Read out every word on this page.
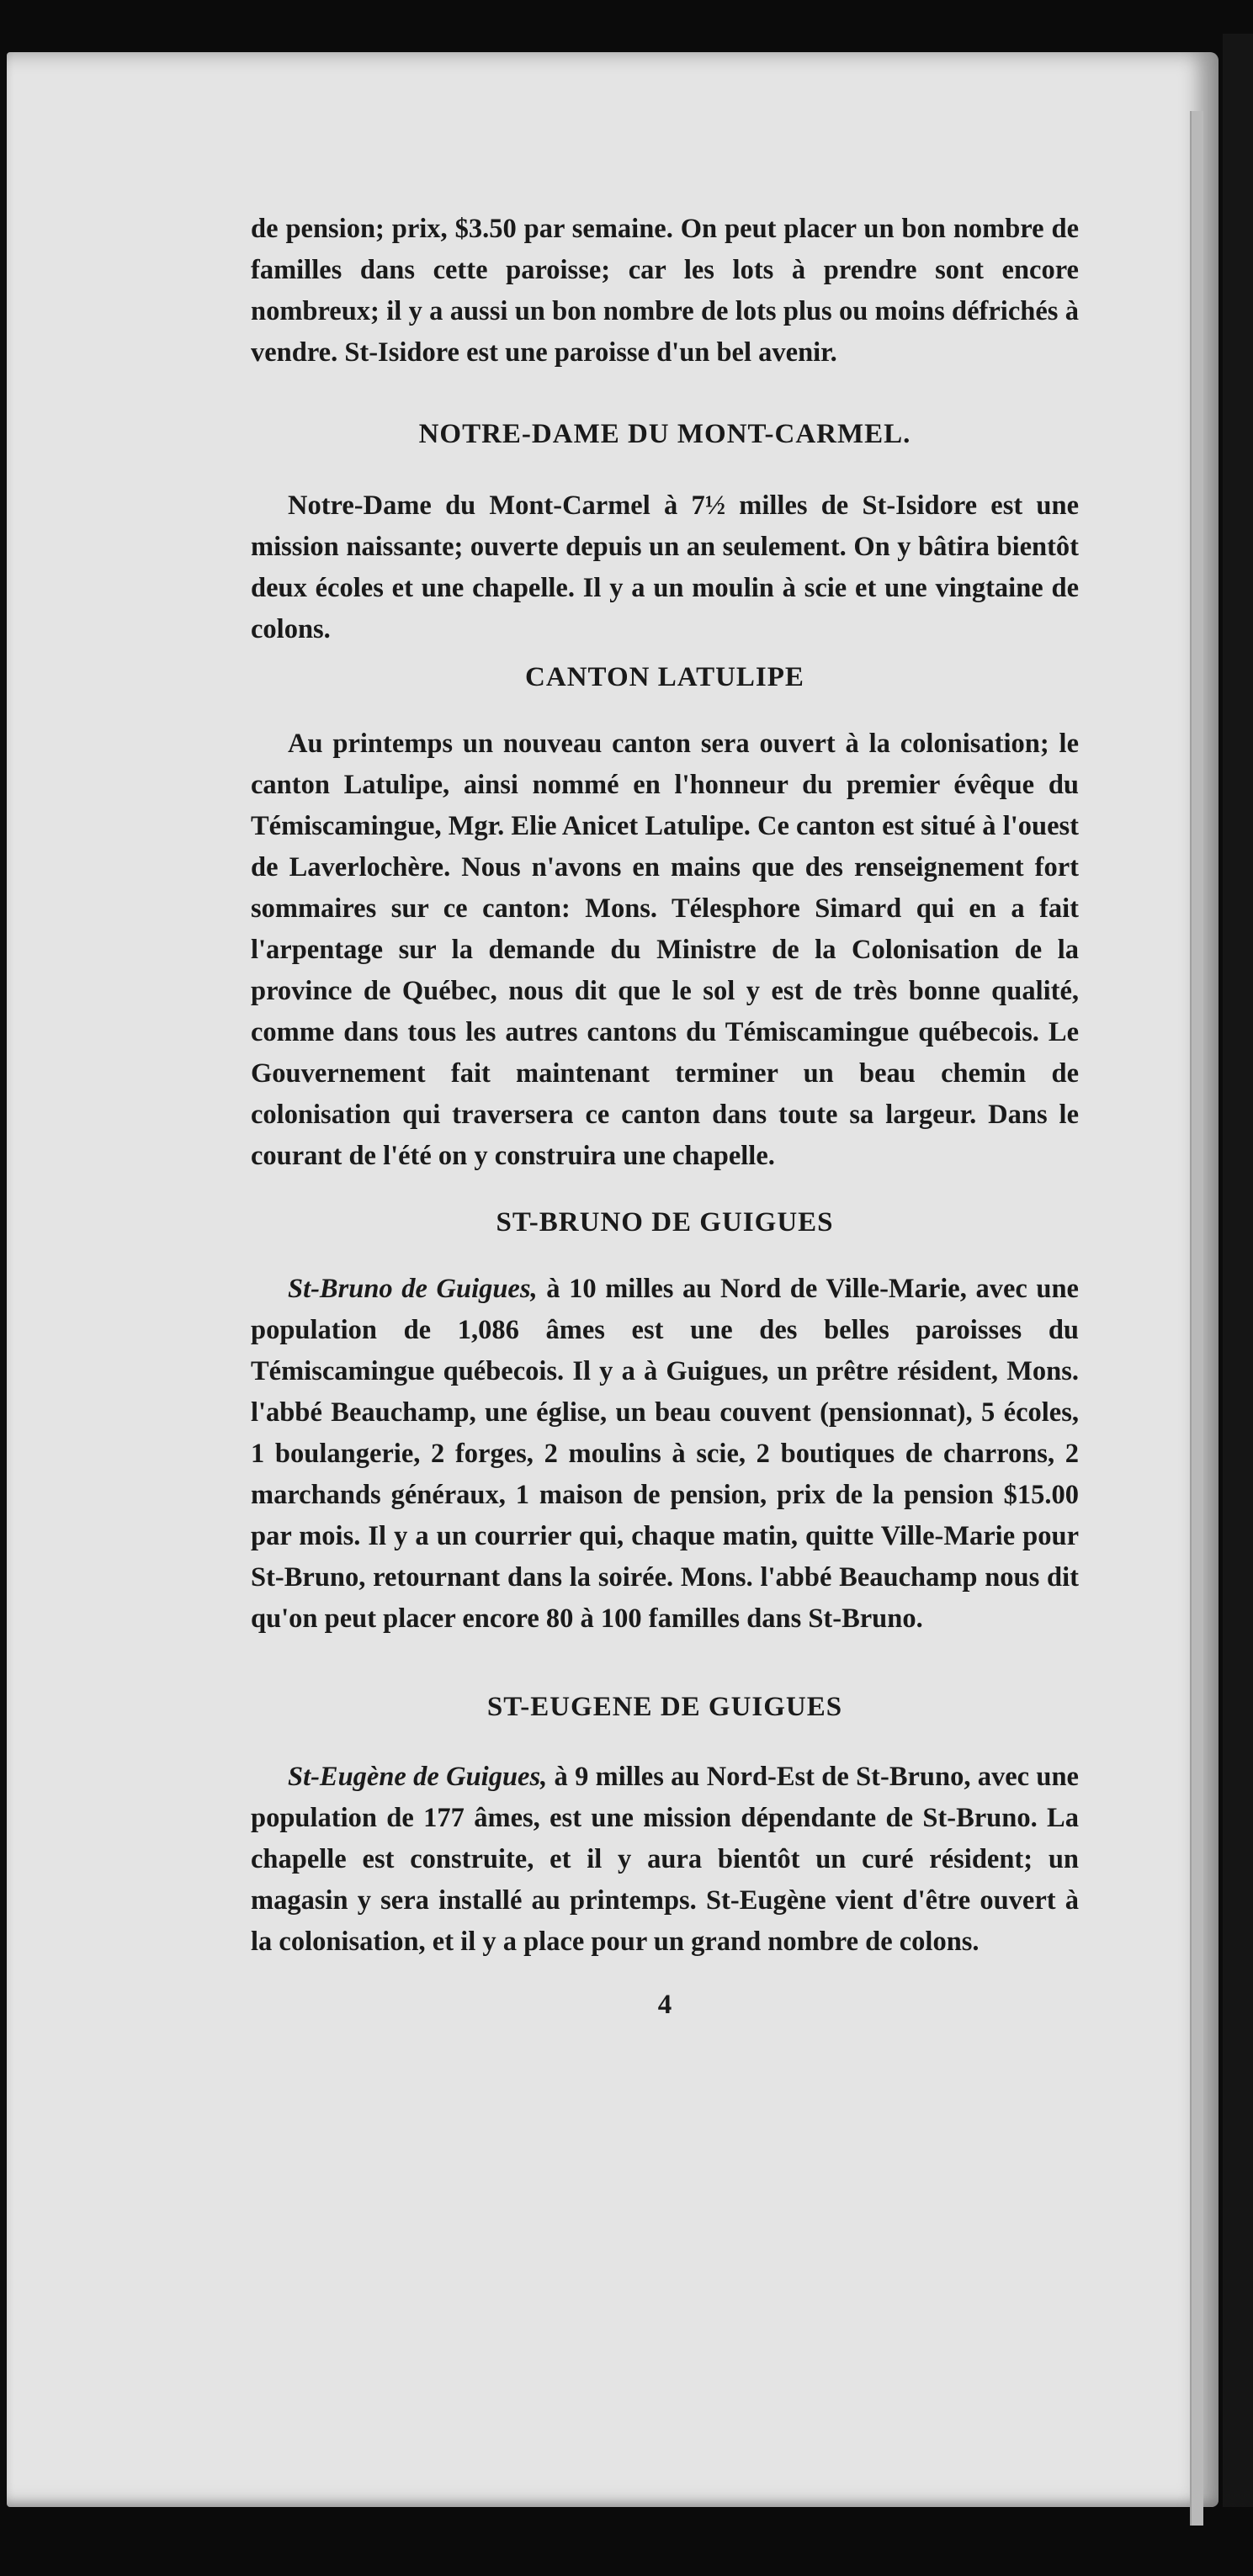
de pension; prix, $3.50 par semaine. On peut placer un bon nombre de familles dans cette paroisse; car les lots à prendre sont encore nombreux; il y a aussi un bon nombre de lots plus ou moins défrichés à vendre. St-Isidore est une paroisse d'un bel avenir.

NOTRE-DAME DU MONT-CARMEL.

Notre-Dame du Mont-Carmel à 7½ milles de St-Isidore est une mission naissante; ouverte depuis un an seulement. On y bâtira bientôt deux écoles et une chapelle. Il y a un moulin à scie et une vingtaine de colons.

CANTON LATULIPE

Au printemps un nouveau canton sera ouvert à la colonisation; le canton Latulipe, ainsi nommé en l'honneur du premier évêque du Témiscamingue, Mgr. Elie Anicet Latulipe. Ce canton est situé à l'ouest de Laverlochère. Nous n'avons en mains que des renseignement fort sommaires sur ce canton: Mons. Télesphore Simard qui en a fait l'arpentage sur la demande du Ministre de la Colonisation de la province de Québec, nous dit que le sol y est de très bonne qualité, comme dans tous les autres cantons du Témiscamingue québecois. Le Gouvernement fait maintenant terminer un beau chemin de colonisation qui traversera ce canton dans toute sa largeur. Dans le courant de l'été on y construira une chapelle.

ST-BRUNO DE GUIGUES

St-Bruno de Guigues, à 10 milles au Nord de Ville-Marie, avec une population de 1,086 âmes est une des belles paroisses du Témiscamingue québecois. Il y a à Guigues, un prêtre résident, Mons. l'abbé Beauchamp, une église, un beau couvent (pensionnat), 5 écoles, 1 boulangerie, 2 forges, 2 moulins à scie, 2 boutiques de charrons, 2 marchands généraux, 1 maison de pension, prix de la pension $15.00 par mois. Il y a un courrier qui, chaque matin, quitte Ville-Marie pour St-Bruno, retournant dans la soirée. Mons. l'abbé Beauchamp nous dit qu'on peut placer encore 80 à 100 familles dans St-Bruno.

ST-EUGENE DE GUIGUES

St-Eugène de Guigues, à 9 milles au Nord-Est de St-Bruno, avec une population de 177 âmes, est une mission dépendante de St-Bruno. La chapelle est construite, et il y aura bientôt un curé résident; un magasin y sera installé au printemps. St-Eugène vient d'être ouvert à la colonisation, et il y a place pour un grand nombre de colons.

4
